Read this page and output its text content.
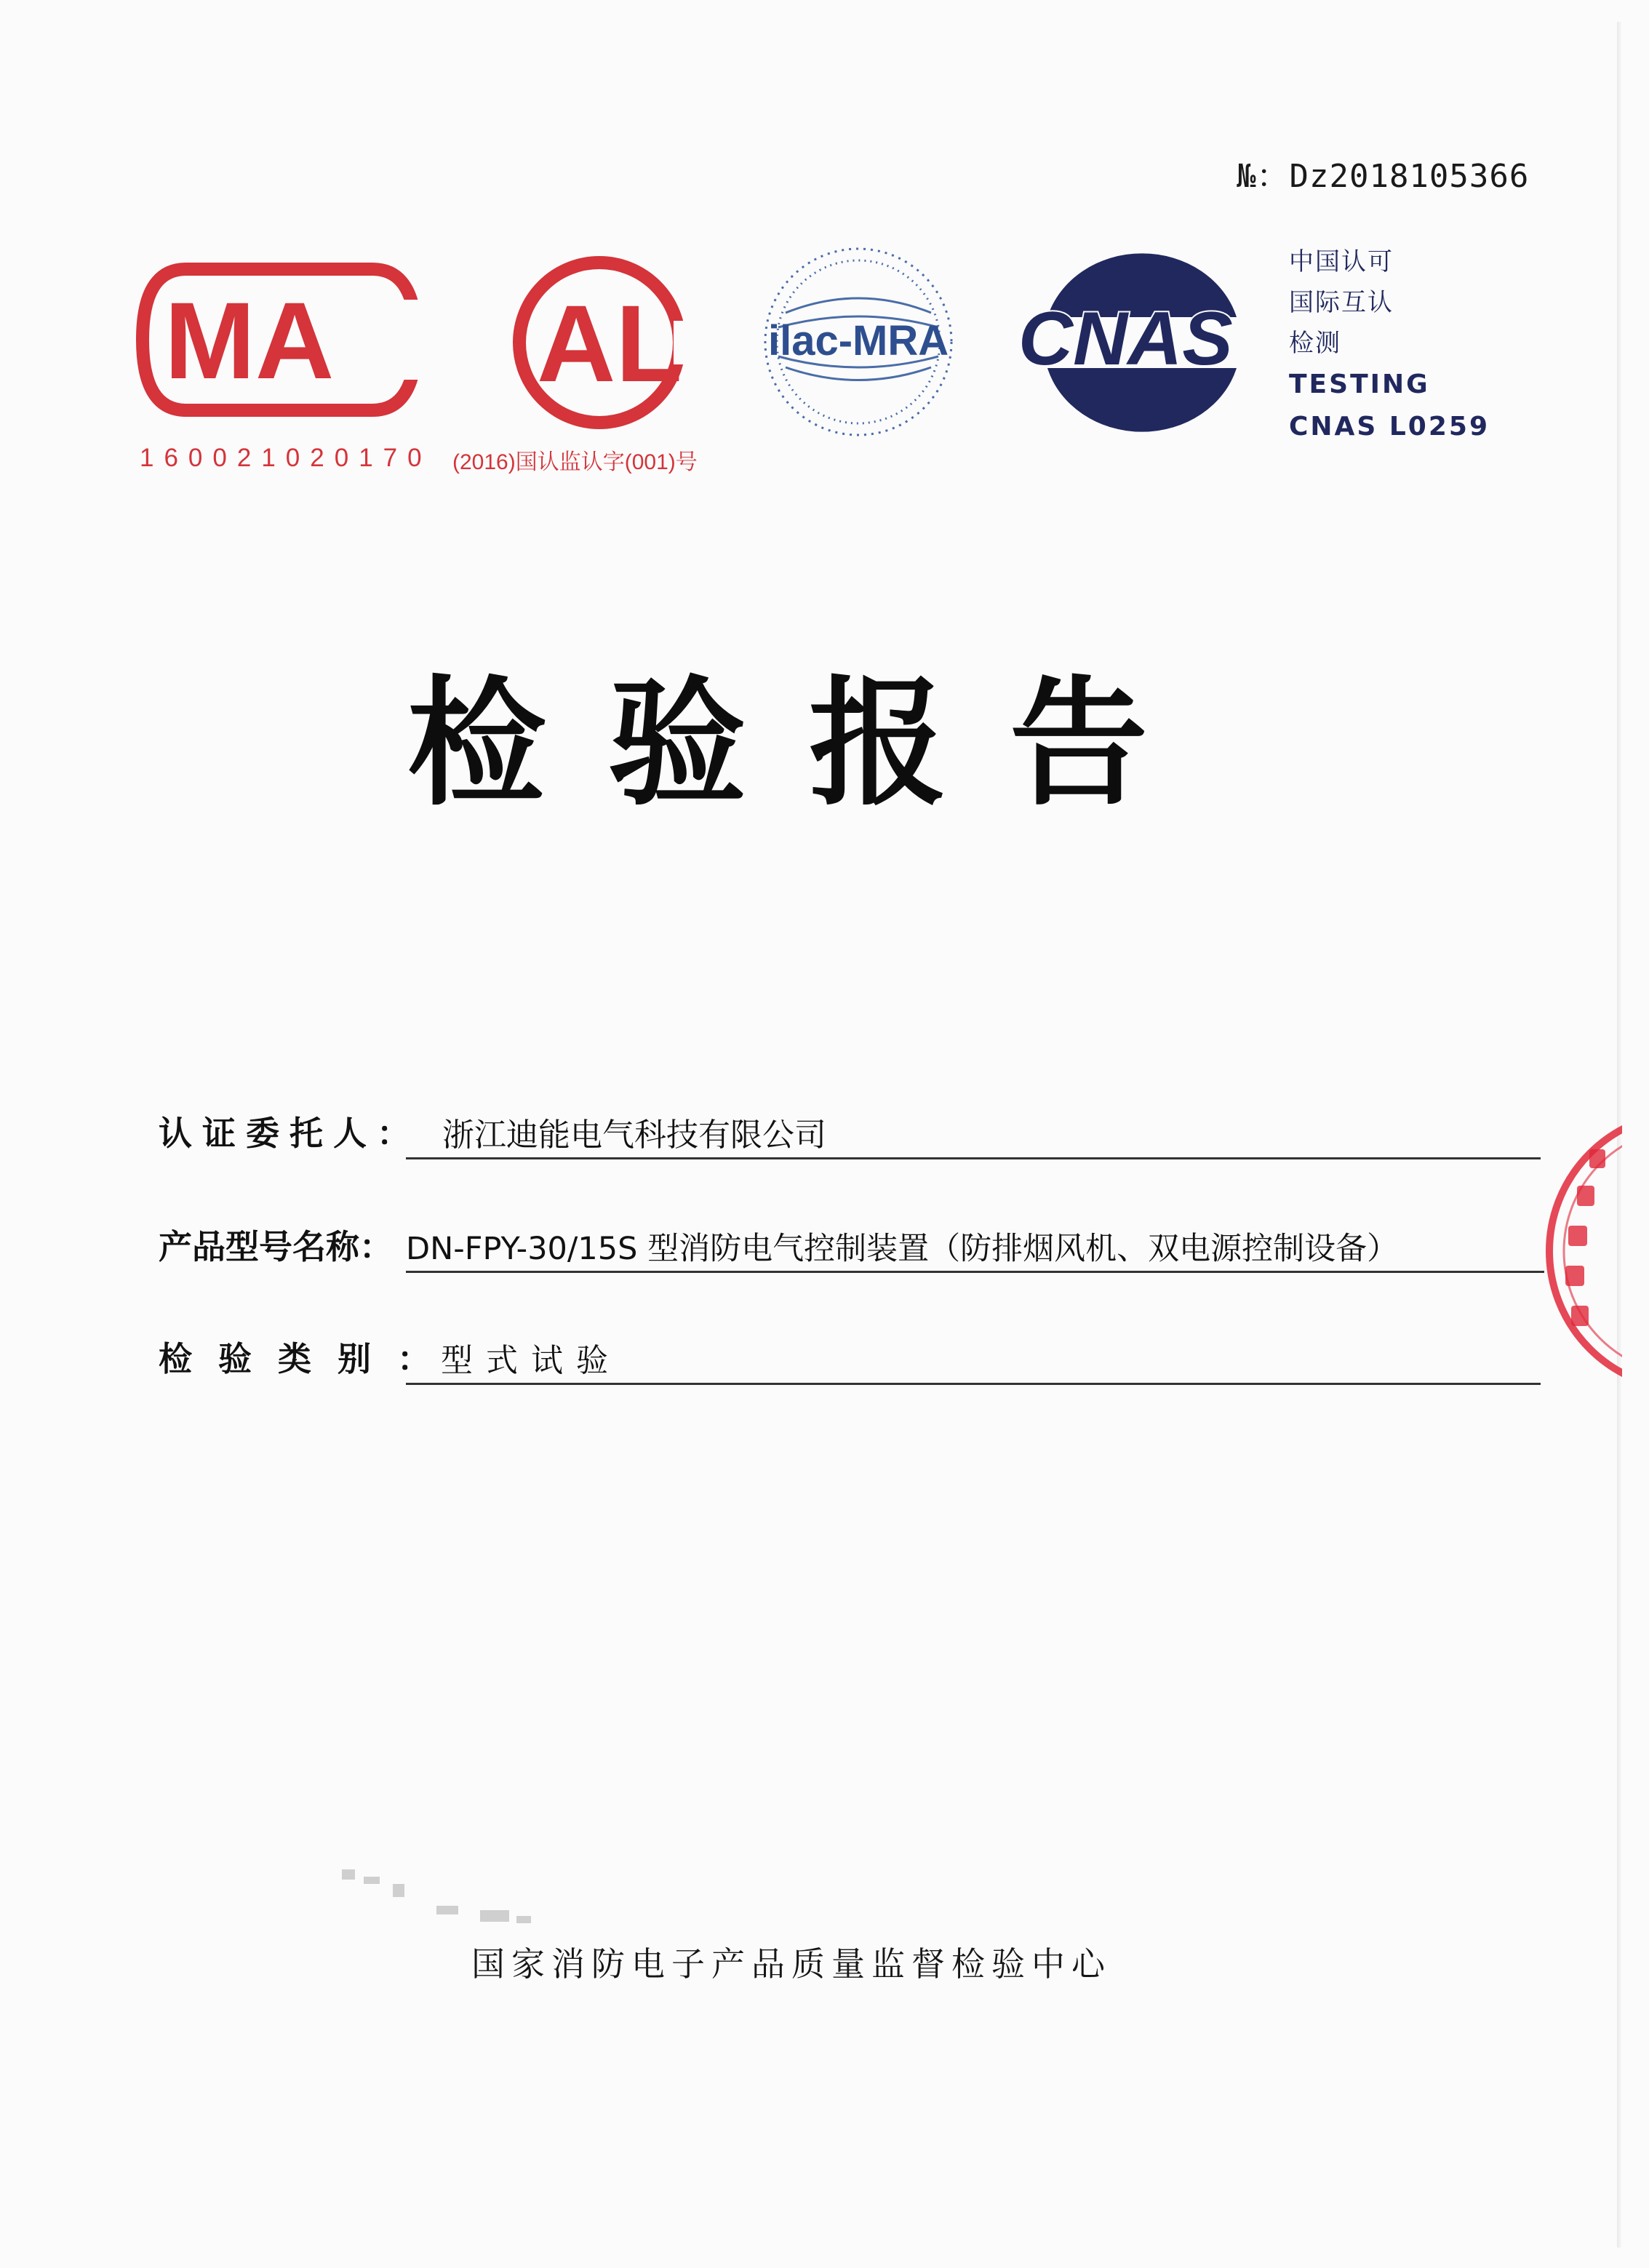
№：Dz2018105366
MA
160021020170
AL
(2016)国认监认字(001)号
ilac-MRA CNAS
中国认可
国际互认
检测
TESTING
CNAS L0259
检验报告
认证委托人： 浙江迪能电气科技有限公司
产品型号名称： DN-FPY-30/15S 型消防电气控制装置（防排烟风机、双电源控制设备）
检验类别：
型式试验
国家消防电子产品质量监督检验中心
